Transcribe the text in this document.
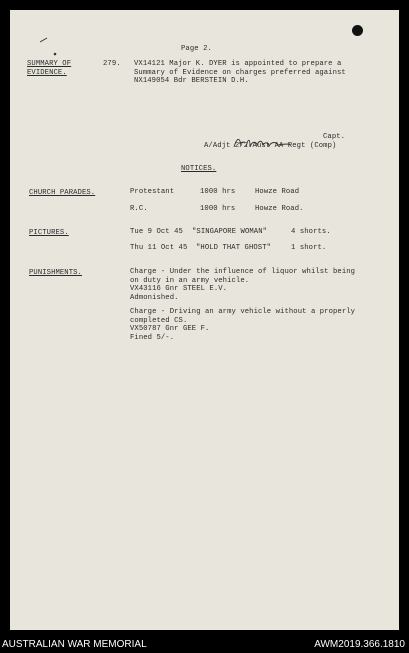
Page 2.
SUMMARY OF
EVIDENCE.
279. VX14121 Major K. DYER is appointed to prepare a
Summary of Evidence on charges preferred against
NX149054 Bdr BERSTEIN D.H.
Capt.
A/Adjt 2/2 Aust AA Regt (Comp)
NOTICES.
CHURCH PARADES.	Protestant	1000 hrs	Howze Road
R.C.	1000 hrs	Howze Road.
PICTURES.	Tue 9 Oct 45 "SINGAPORE WOMAN"	4 shorts.
Thu 11 Oct 45 "HOLD THAT GHOST"	1 short.
PUNISHMENTS.	Charge - Under the influence of liquor whilst being
on duty in an army vehicle.
VX43116 Gnr STEEL E.V.
Admonished.
Charge - Driving an army vehicle without a properly
completed CS.
VX50787 Gnr GEE F.
Fined 5/-.
AUSTRALIAN WAR MEMORIAL	AWM2019.366.1810
